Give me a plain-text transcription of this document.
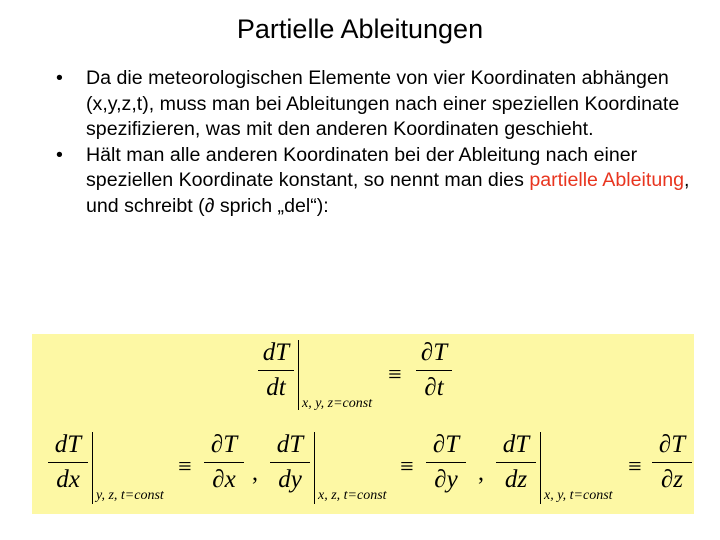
Partielle Ableitungen
• Da die meteorologischen Elemente von vier Koordinaten abhängen (x,y,z,t), muss man bei Ableitungen nach einer speziellen Koordinate spezifizieren, was mit den anderen Koordinaten geschieht.
• Hält man alle anderen Koordinaten bei der Ableitung nach einer speziellen Koordinate konstant, so nennt man dies partielle Ableitung,
und schreibt (∂ sprich „del“):
$\frac{dT}{dt}$
x, y, z=const
≡ $\frac{\partial T}{\partial t}$
$\frac{dT}{dx}$
y, z, t=const
≡ $\frac{\partial T}{\partial x}$ , $\frac{dT}{dy}$
x, z, t=const
≡ $\frac{\partial T}{\partial y}$ , $\frac{dT}{dz}$
x, y, t=const
≡ $\frac{\partial T}{\partial z}$
